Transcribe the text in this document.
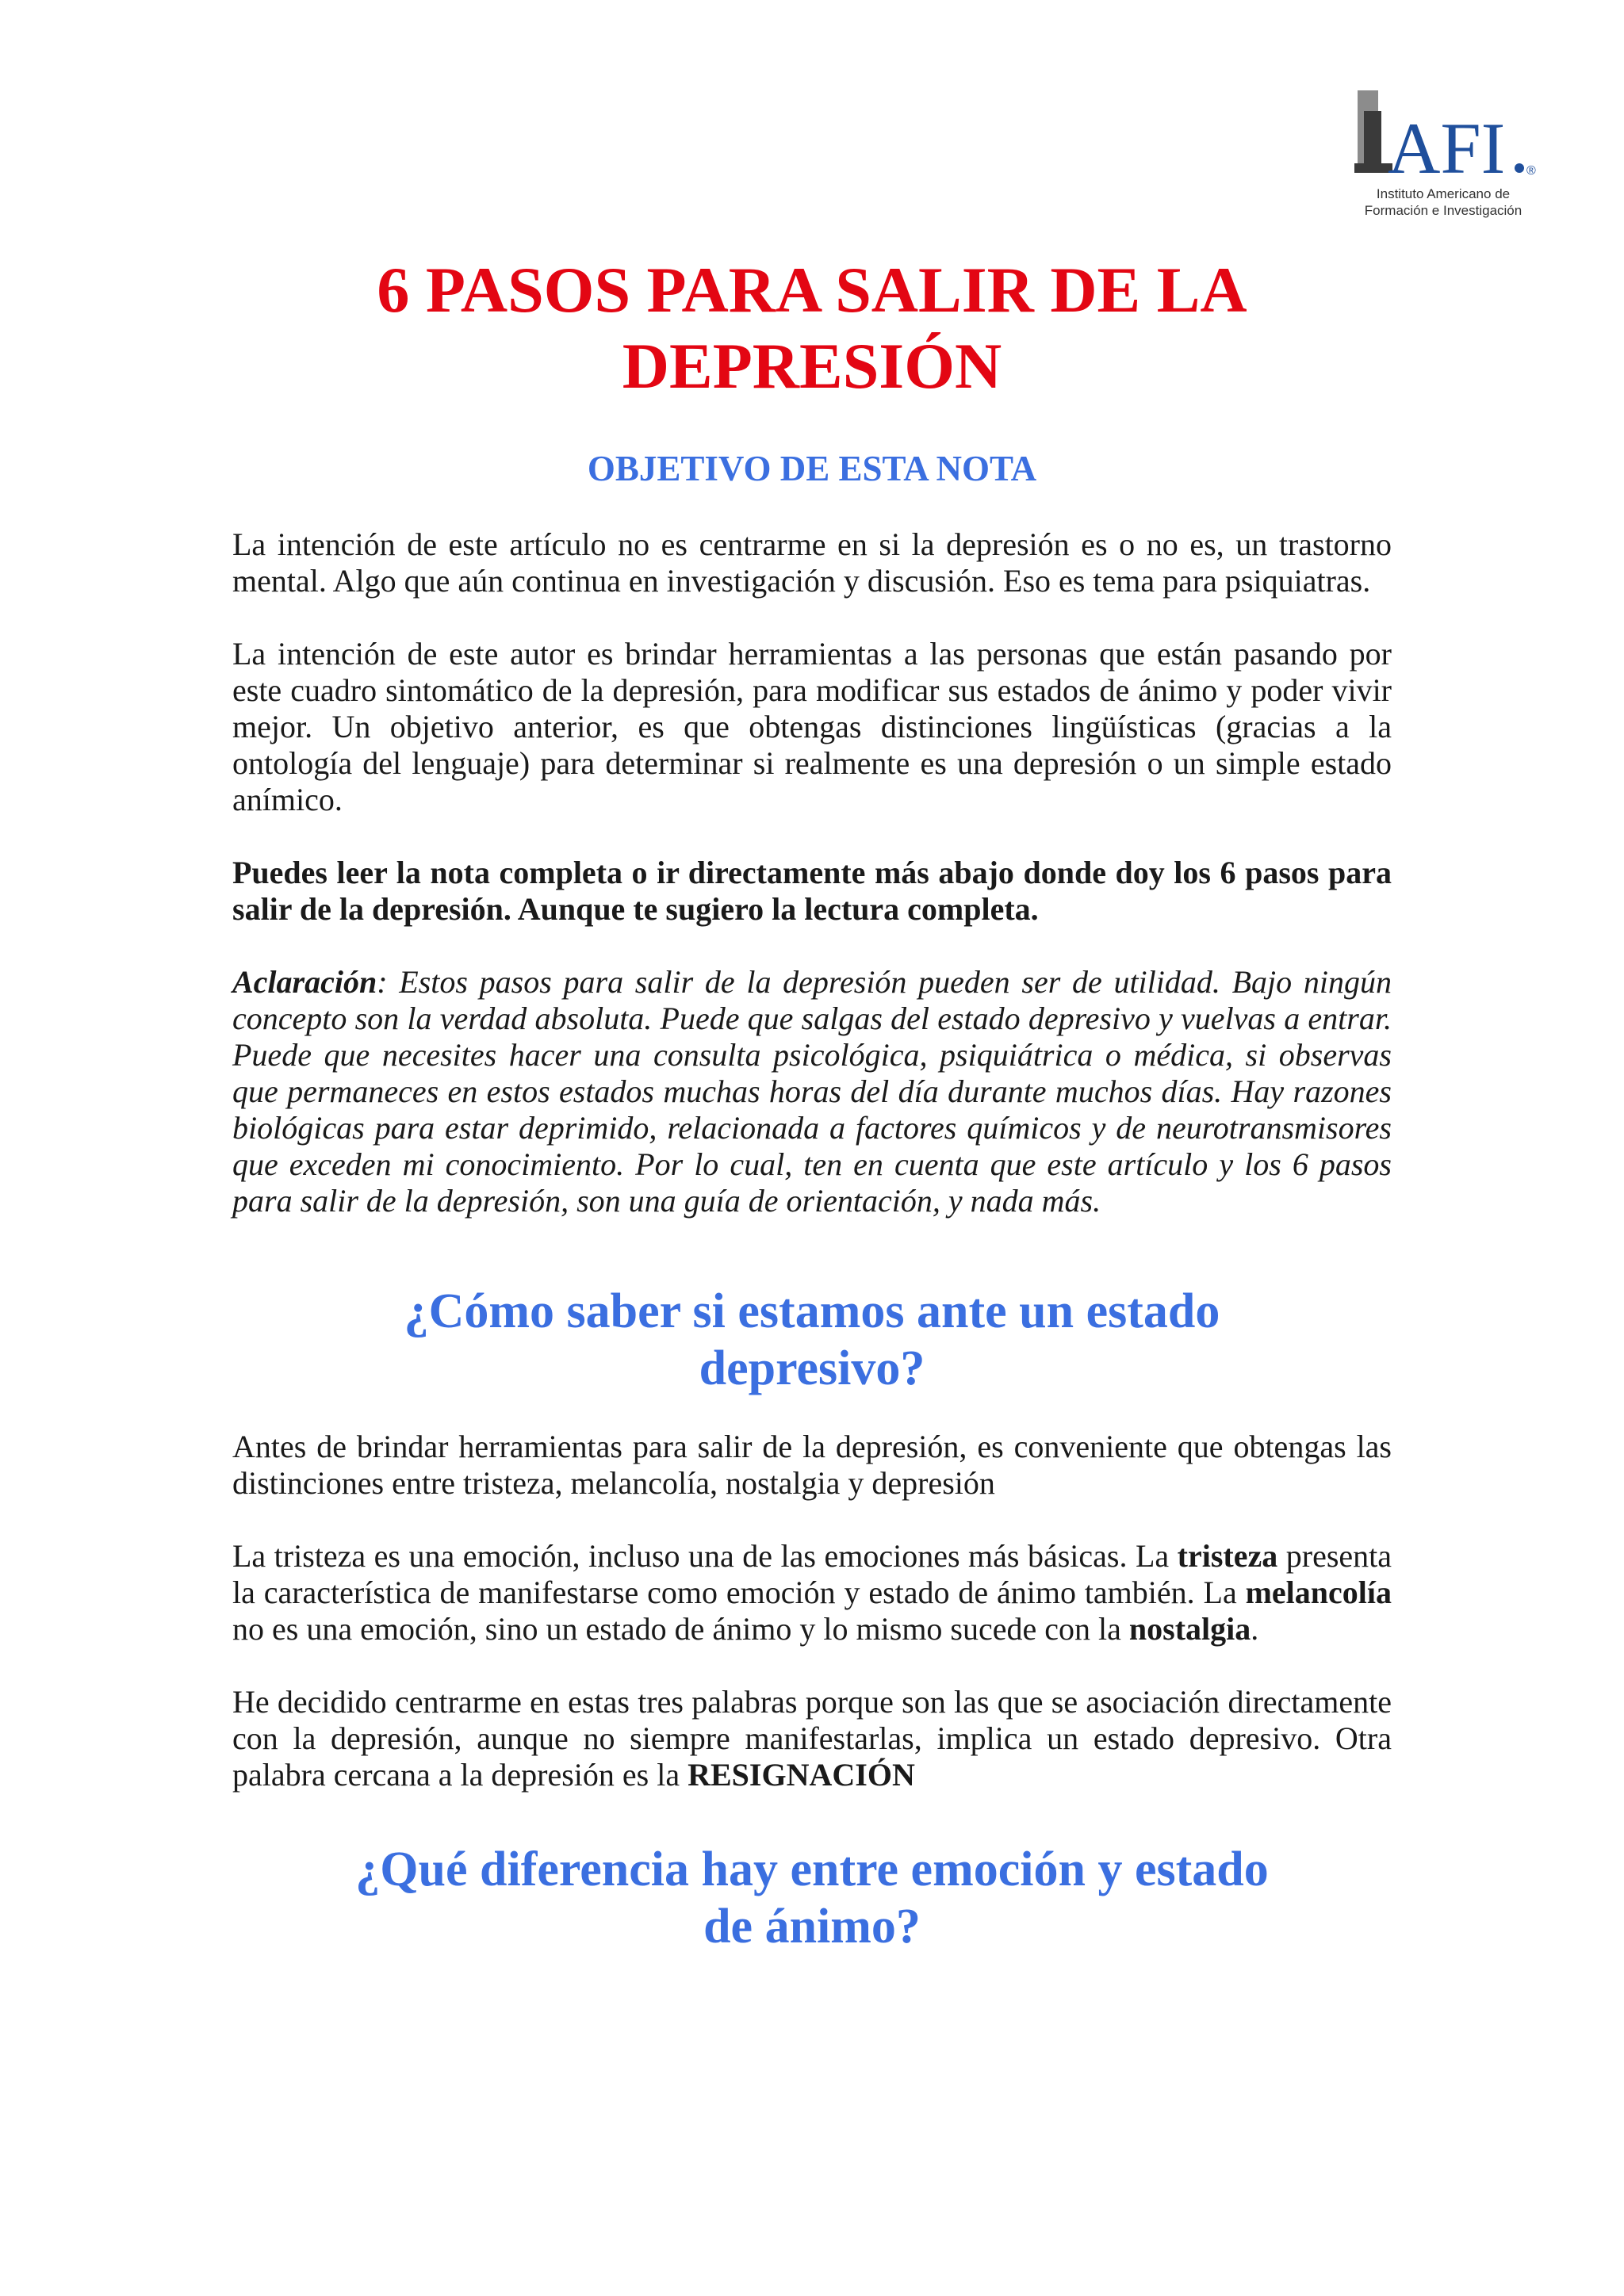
AFI ®
Instituto Americano de
Formación e Investigación
6 PASOS PARA SALIR DE LA
DEPRESIÓN
OBJETIVO DE ESTA NOTA

La intención de este artículo no es centrarme en si la depresión es o no es, un trastorno mental. Algo que aún continua en investigación y discusión. Eso es tema para psiquiatras.

La intención de este autor es brindar herramientas a las personas que están pasando por este cuadro sintomático de la depresión, para modificar sus estados de ánimo y poder vivir mejor. Un objetivo anterior, es que obtengas distinciones lingüísticas (gracias a la ontología del lenguaje) para determinar si realmente es una depresión o un simple estado anímico.

Puedes leer la nota completa o ir directamente más abajo donde doy los 6 pasos para salir de la depresión. Aunque te sugiero la lectura completa.

Aclaración: Estos pasos para salir de la depresión pueden ser de utilidad. Bajo ningún concepto son la verdad absoluta. Puede que salgas del estado depresivo y vuelvas a entrar. Puede que necesites hacer una consulta psicológica, psiquiátrica o médica, si observas que permaneces en estos estados muchas horas del día durante muchos días. Hay razones biológicas para estar deprimido, relacionada a factores químicos y de neurotransmisores que exceden mi conocimiento. Por lo cual, ten en cuenta que este artículo y los 6 pasos para salir de la depresión, son una guía de orientación, y nada más.

¿Cómo saber si estamos ante un estado
depresivo?

Antes de brindar herramientas para salir de la depresión, es conveniente que obtengas las distinciones entre tristeza, melancolía, nostalgia y depresión

La tristeza es una emoción, incluso una de las emociones más básicas. La tristeza presenta la característica de manifestarse como emoción y estado de ánimo también. La melancolía no es una emoción, sino un estado de ánimo y lo mismo sucede con la nostalgia.

He decidido centrarme en estas tres palabras porque son las que se asociación directamente con la depresión, aunque no siempre manifestarlas, implica un estado depresivo. Otra palabra cercana a la depresión es la RESIGNACIÓN

¿Qué diferencia hay entre emoción y estado
de ánimo?
